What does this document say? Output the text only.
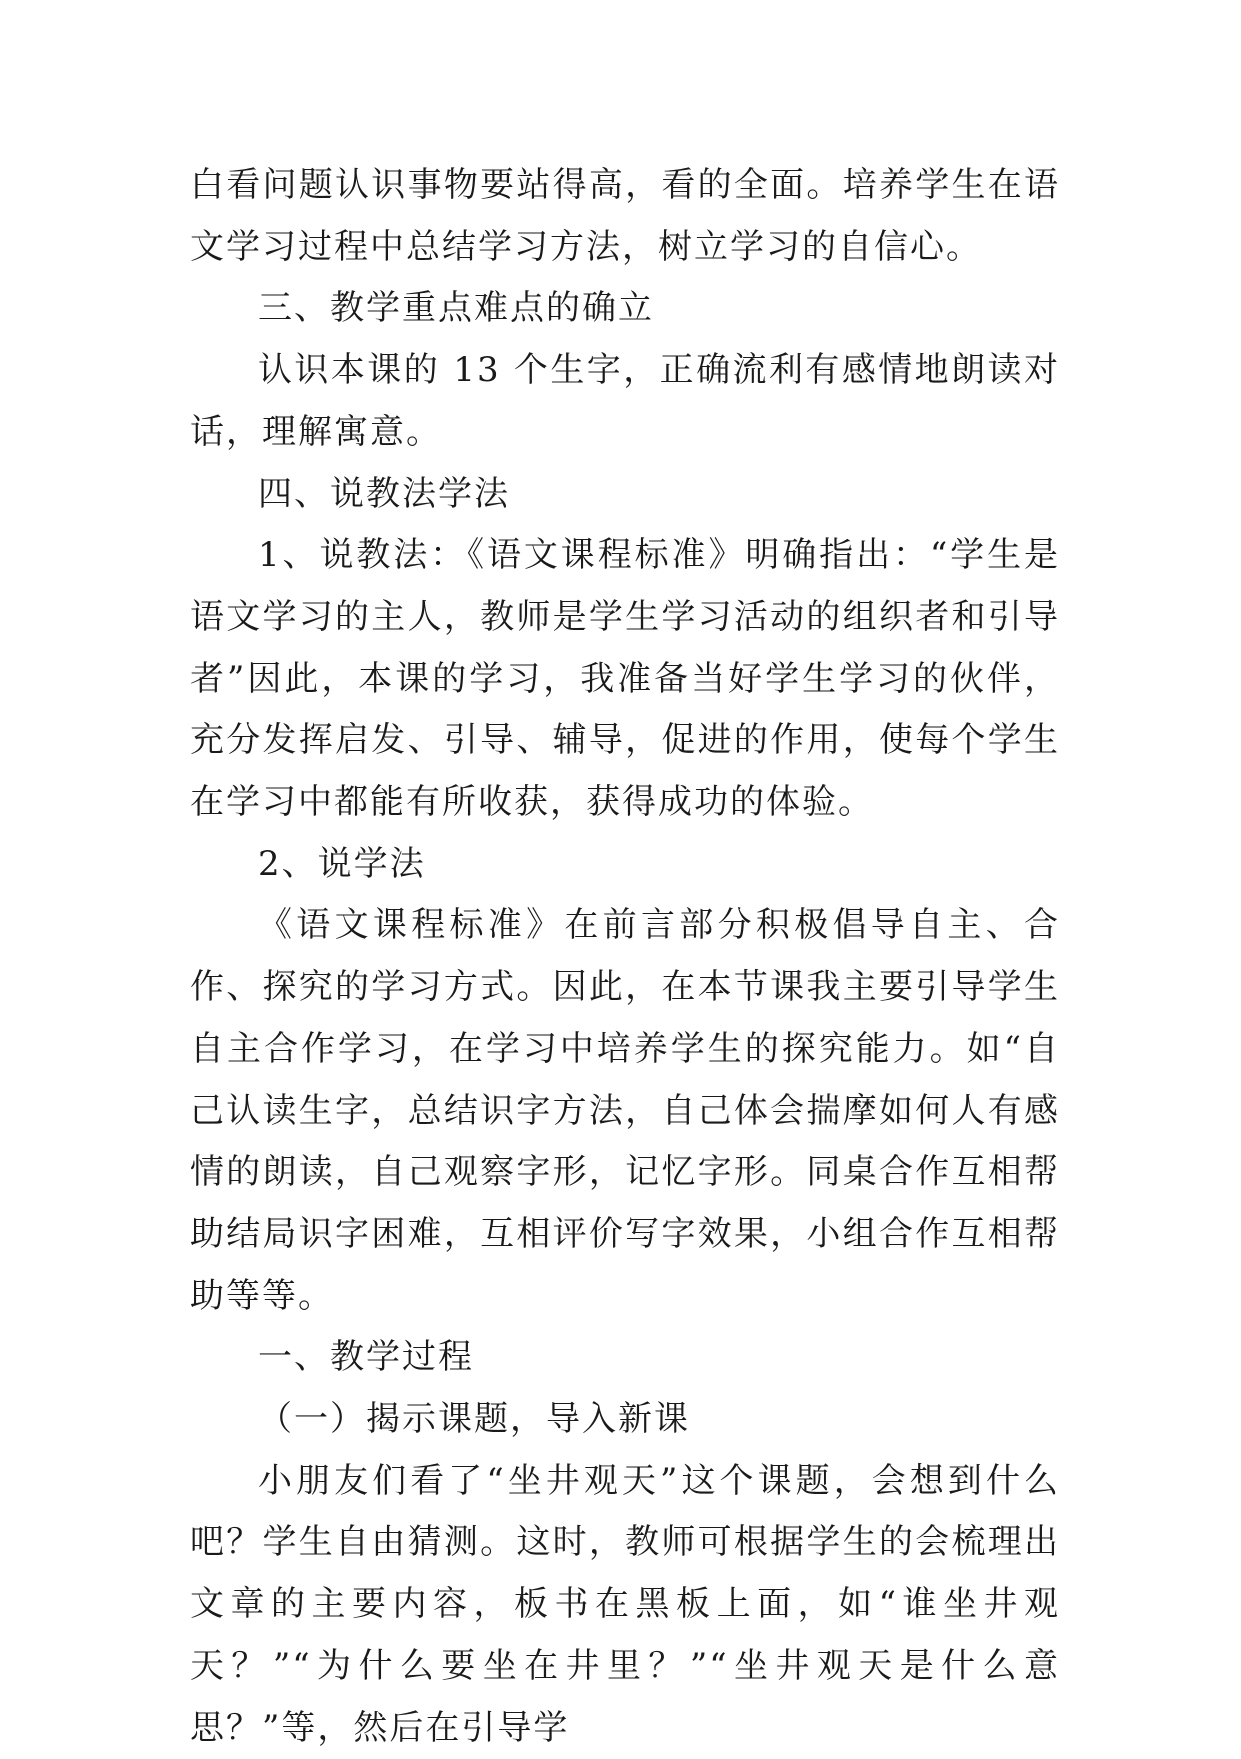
白看问题认识事物要站得高，看的全面。培养学生在语文学习过程中总结学习方法，树立学习的自信心。

三、教学重点难点的确立

认识本课的 13 个生字，正确流利有感情地朗读对话，理解寓意。

四、说教法学法

1、说教法：《语文课程标准》明确指出：“学生是语文学习的主人，教师是学生学习活动的组织者和引导者”因此，本课的学习，我准备当好学生学习的伙伴，充分发挥启发、引导、辅导，促进的作用，使每个学生在学习中都能有所收获，获得成功的体验。

2、说学法

《语文课程标准》在前言部分积极倡导自主、合作、探究的学习方式。因此，在本节课我主要引导学生自主合作学习，在学习中培养学生的探究能力。如“自己认读生字，总结识字方法，自己体会揣摩如何人有感情的朗读，自己观察字形，记忆字形。同桌合作互相帮助结局识字困难，互相评价写字效果，小组合作互相帮助等等。

一、教学过程

（一）揭示课题，导入新课

小朋友们看了“坐井观天”这个课题，会想到什么吧？学生自由猜测。这时，教师可根据学生的会梳理出文章的主要内容，板书在黑板上面，如“谁坐井观天？”“为什么要坐在井里？”“坐井观天是什么意思？”等，然后在引导学
